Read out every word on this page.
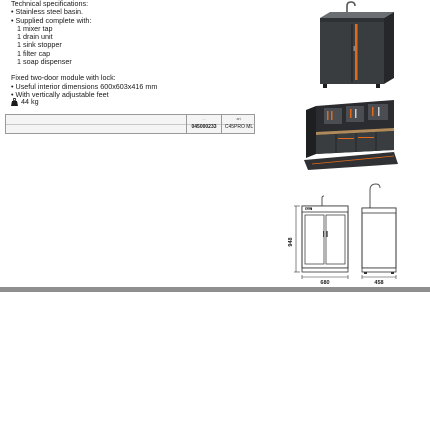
Technical specifications:
• Stainless steel basin.
• Supplied complete with:
1 mixer tap
1 drain unit
1 sink stopper
1 filter cap
1 soap dispenser
Fixed two-door module with lock:
• Useful interior dimensions 600x603x416 mm
• With vertically adjustable feet
44 kg
...
045000233
art.
C45PRO ML
Beta
948
680	458
